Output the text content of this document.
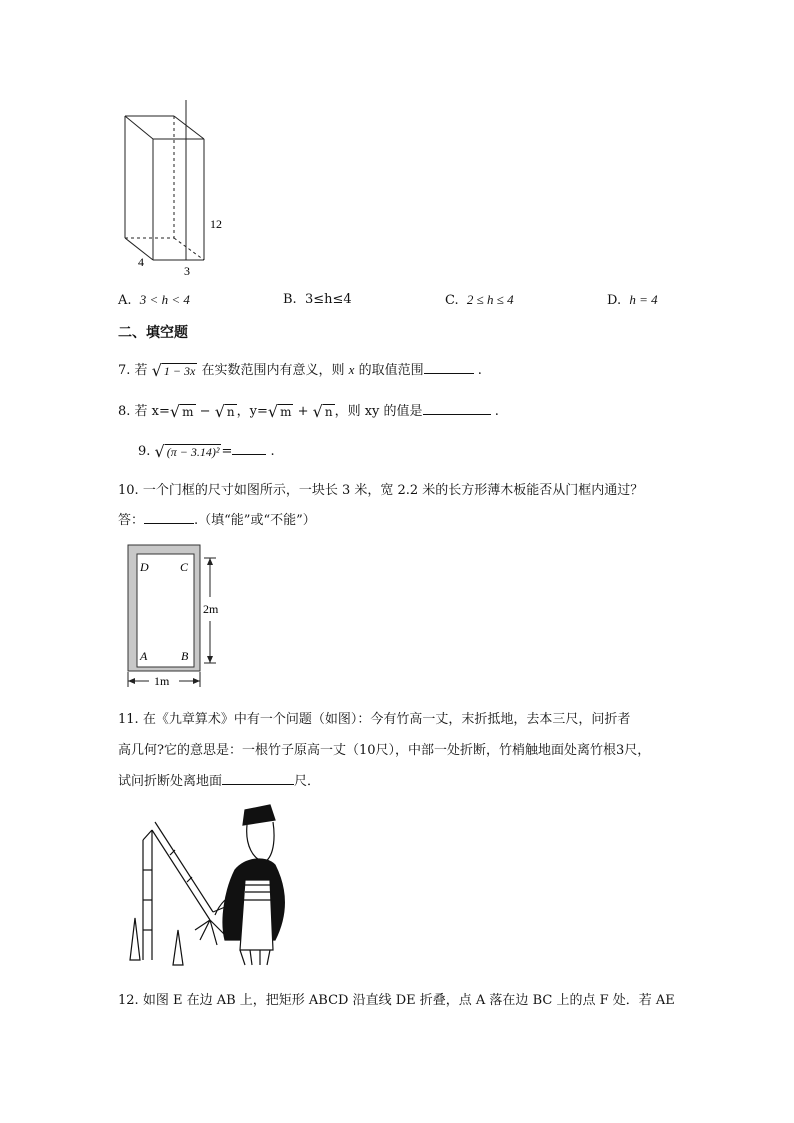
12
4
3
A. 3 < h < 4	B. 3≤h≤4	C. 2 ≤ h ≤ 4	D. h = 4
二、填空题
7. 若 √ 1 − 3x 在实数范围内有意义，则 x 的取值范围	.
8. 若 x= √ m − √ n ，y= √ m + √ n ，则 xy 的值是	.
9. √ (π − 3.14)² =	.
10. 一个门框的尺寸如图所示，一块长 3 米，宽 2.2 米的长方形薄木板能否从门框内通过？
答：	.（填“能”或“不能”）
D	C
A	B
2m
1m
11. 在《九章算术》中有一个问题（如图）：今有竹高一丈，末折抵地，去本三尺，问折者
高几何?它的意思是：一根竹子原高一丈（10尺），中部一处折断，竹梢触地面处离竹根3尺，
试问折断处离地面	尺．
12. 如图 E 在边 AB 上，把矩形 ABCD 沿直线 DE 折叠，点 A 落在边 BC 上的点 F 处．若 AE
